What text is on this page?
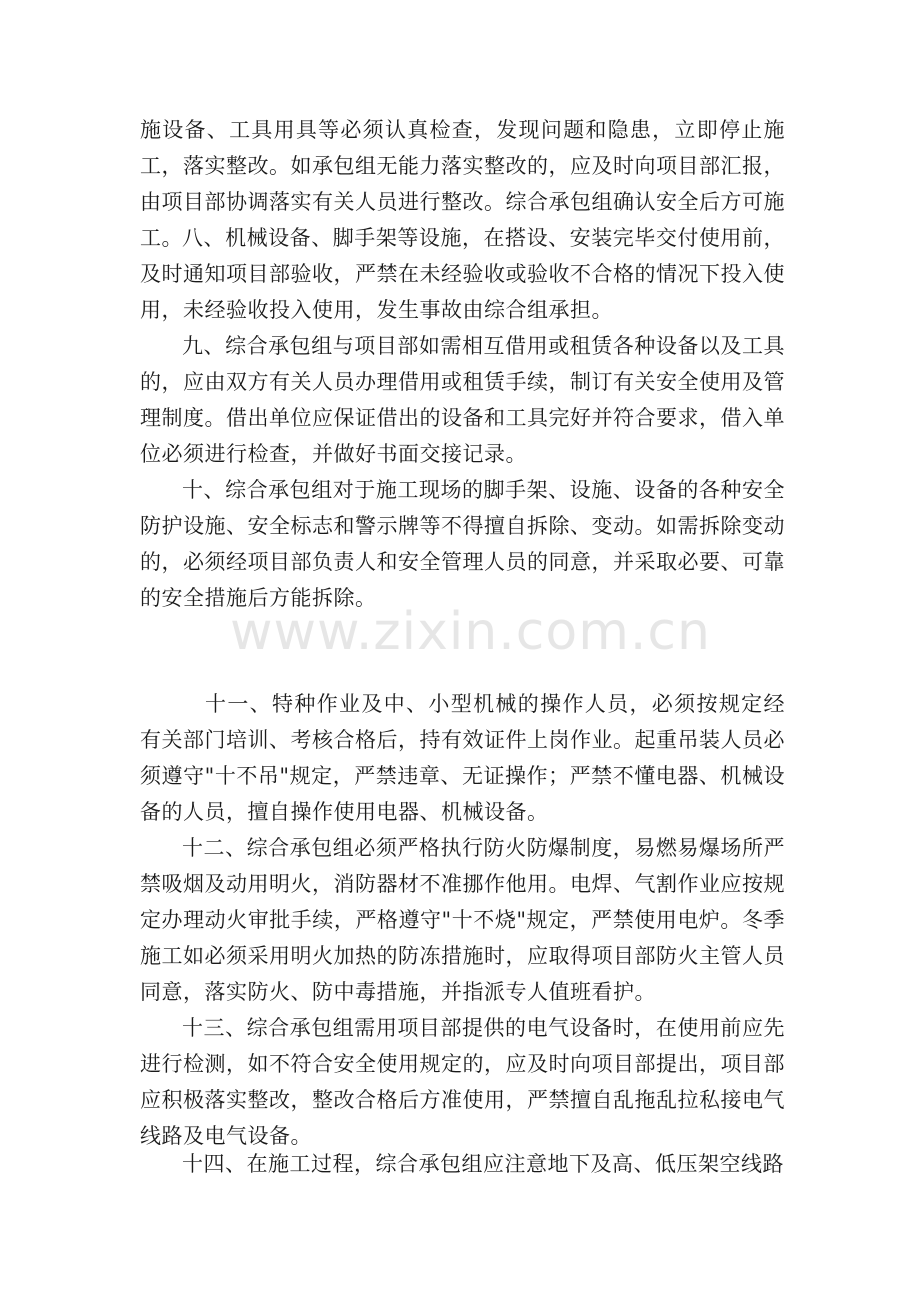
施设备、工具用具等必须认真检查，发现问题和隐患，立即停止施工，落实整改。如承包组无能力落实整改的，应及时向项目部汇报，由项目部协调落实有关人员进行整改。综合承包组确认安全后方可施工。 八、机械设备、脚手架等设施，在搭设、安装完毕交付使用前，及时通知项目部验收，严禁在未经验收或验收不合格的情况下投入使用，未经验收投入使用，发生事故由综合组承担。

九、综合承包组与项目部如需相互借用或租赁各种设备以及工具的，应由双方有关人员办理借用或租赁手续，制订有关安全使用及管理制度。借出单位应保证借出的设备和工具完好并符合要求，借入单位必须进行检查，并做好书面交接记录。

十、综合承包组对于施工现场的脚手架、设施、设备的各种安全防护设施、安全标志和警示牌等不得擅自拆除、变动。如需拆除变动的，必须经项目部负责人和安全管理人员的同意，并采取必要、可靠的安全措施后方能拆除。

www.zixin.com.cn

十一、特种作业及中、小型机械的操作人员，必须按规定经有关部门培训、考核合格后，持有效证件上岗作业。起重吊装人员必须遵守"十不吊"规定，严禁违章、无证操作；严禁不懂电器、机械设备的人员，擅自操作使用电器、机械设备。

十二、综合承包组必须严格执行防火防爆制度，易燃易爆场所严禁吸烟及动用明火，消防器材不准挪作他用。电焊、气割作业应按规定办理动火审批手续，严格遵守"十不烧"规定，严禁使用电炉。冬季施工如必须采用明火加热的防冻措施时，应取得项目部防火主管人员同意，落实防火、防中毒措施，并指派专人值班看护。

十三、综合承包组需用项目部提供的电气设备时，在使用前应先进行检测，如不符合安全使用规定的，应及时向项目部提出，项目部应积极落实整改，整改合格后方准使用，严禁擅自乱拖乱拉私接电气线路及电气设备。

十四、在施工过程，综合承包组应注意地下及高、低压架空线路
